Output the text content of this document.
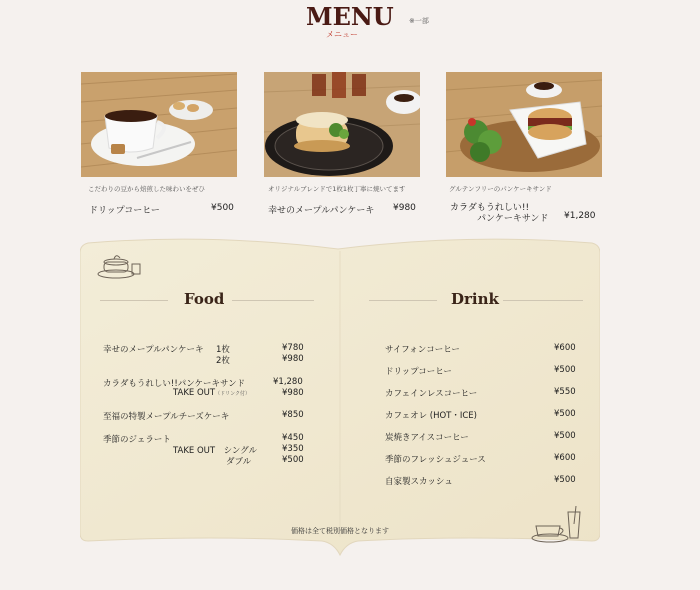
MENU
メニュー
※一部
こだわりの豆から焙煎した味わいをぜひ
ドリップコーヒー	¥500
オリジナルブレンドで1枚1枚丁寧に焼いてます
幸せのメープルパンケーキ ¥980
グルテンフリーのパンケーキサンド
カラダもうれしい!!
パンケーキサンド ¥1,280
Food
幸せのメープルパンケーキ 1枚	¥780
2枚	¥980
カラダもうれしい!!パンケーキサンド	¥1,280
TAKE OUT（ドリンク付）	¥980
至福の特製メープルチーズケーキ	¥850
季節のジェラート	¥450
TAKE OUT　シングル	¥350
ダブル	¥500
Drink
サイフォンコーヒー	¥600
ドリップコーヒー	¥500
カフェインレスコーヒー	¥550
カフェオレ (HOT・ICE)	¥500
炭焼きアイスコーヒー	¥500
季節のフレッシュジュース	¥600
自家製スカッシュ	¥500
価格は全て税別価格となります
